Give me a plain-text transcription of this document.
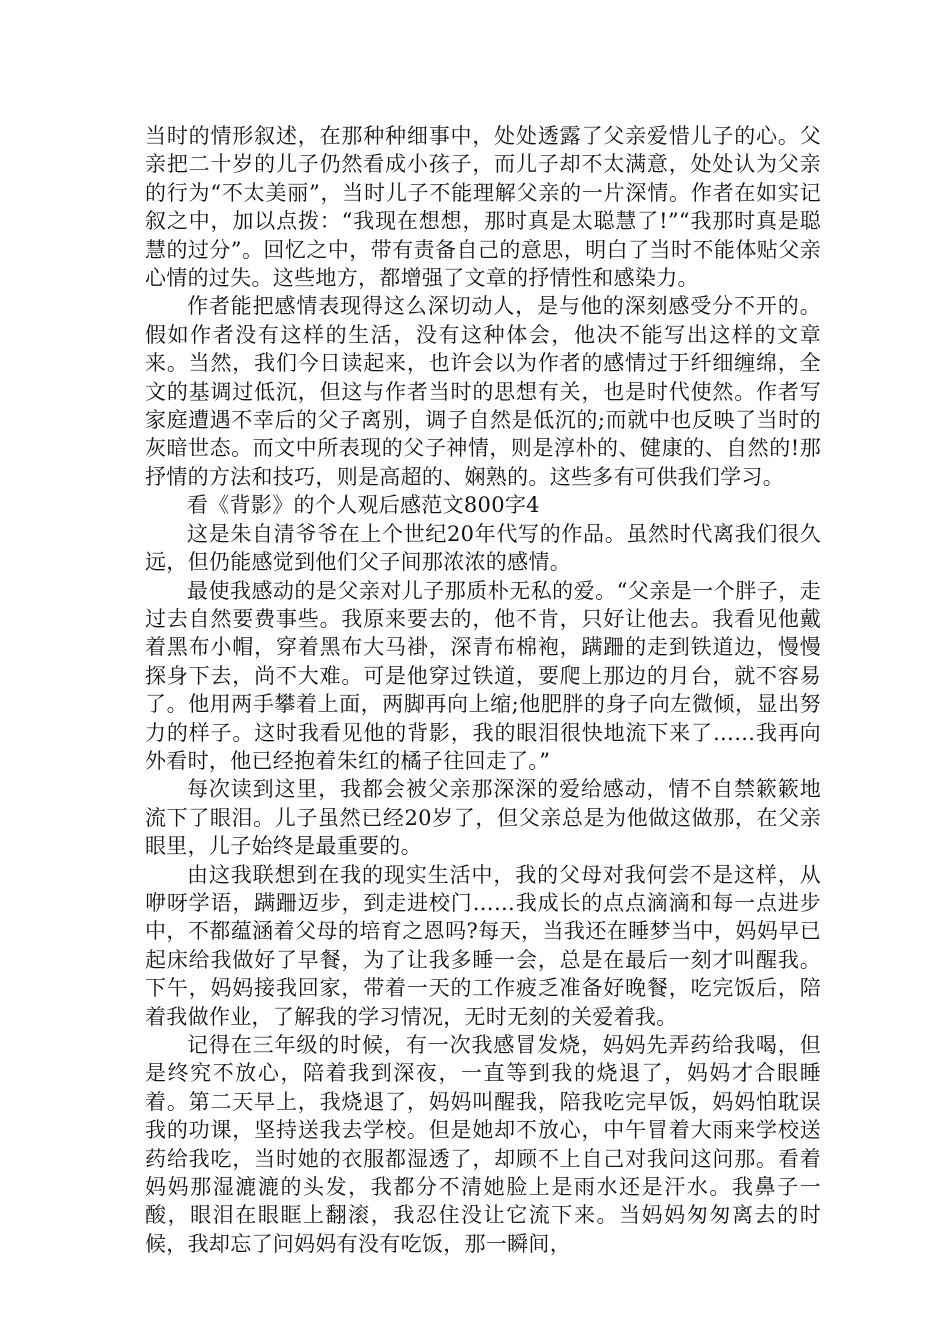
当时的情形叙述，在那种种细事中，处处透露了父亲爱惜儿子的心。父亲把二十岁的儿子仍然看成小孩子，而儿子却不太满意，处处认为父亲的行为“不太美丽”，当时儿子不能理解父亲的一片深情。作者在如实记叙之中，加以点拨：“我现在想想，那时真是太聪慧了!”“我那时真是聪慧的过分”。回忆之中，带有责备自己的意思，明白了当时不能体贴父亲心情的过失。这些地方，都增强了文章的抒情性和感染力。

作者能把感情表现得这么深切动人，是与他的深刻感受分不开的。假如作者没有这样的生活，没有这种体会，他决不能写出这样的文章来。当然，我们今日读起来，也许会以为作者的感情过于纤细缠绵，全文的基调过低沉，但这与作者当时的思想有关，也是时代使然。作者写家庭遭遇不幸后的父子离别，调子自然是低沉的;而就中也反映了当时的灰暗世态。而文中所表现的父子神情，则是淳朴的、健康的、自然的!那抒情的方法和技巧，则是高超的、娴熟的。这些多有可供我们学习。

看《背影》的个人观后感范文800字4

这是朱自清爷爷在上个世纪20年代写的作品。虽然时代离我们很久远，但仍能感觉到他们父子间那浓浓的感情。

最使我感动的是父亲对儿子那质朴无私的爱。“父亲是一个胖子，走过去自然要费事些。我原来要去的，他不肯，只好让他去。我看见他戴着黑布小帽，穿着黑布大马褂，深青布棉袍，蹒跚的走到铁道边，慢慢探身下去，尚不大难。可是他穿过铁道，要爬上那边的月台，就不容易了。他用两手攀着上面，两脚再向上缩;他肥胖的身子向左微倾，显出努力的样子。这时我看见他的背影，我的眼泪很快地流下来了……我再向外看时，他已经抱着朱红的橘子往回走了。”

每次读到这里，我都会被父亲那深深的爱给感动，情不自禁簌簌地流下了眼泪。儿子虽然已经20岁了，但父亲总是为他做这做那，在父亲眼里，儿子始终是最重要的。

由这我联想到在我的现实生活中，我的父母对我何尝不是这样，从咿呀学语，蹒跚迈步，到走进校门……我成长的点点滴滴和每一点进步中，不都蕴涵着父母的培育之恩吗?每天，当我还在睡梦当中，妈妈早已起床给我做好了早餐，为了让我多睡一会，总是在最后一刻才叫醒我。下午，妈妈接我回家，带着一天的工作疲乏准备好晚餐，吃完饭后，陪着我做作业，了解我的学习情况，无时无刻的关爱着我。

记得在三年级的时候，有一次我感冒发烧，妈妈先弄药给我喝，但是终究不放心，陪着我到深夜，一直等到我的烧退了，妈妈才合眼睡着。第二天早上，我烧退了，妈妈叫醒我，陪我吃完早饭，妈妈怕耽误我的功课，坚持送我去学校。但是她却不放心，中午冒着大雨来学校送药给我吃，当时她的衣服都湿透了，却顾不上自己对我问这问那。看着妈妈那湿漉漉的头发，我都分不清她脸上是雨水还是汗水。我鼻子一酸，眼泪在眼眶上翻滚，我忍住没让它流下来。当妈妈匆匆离去的时候，我却忘了问妈妈有没有吃饭，那一瞬间，
